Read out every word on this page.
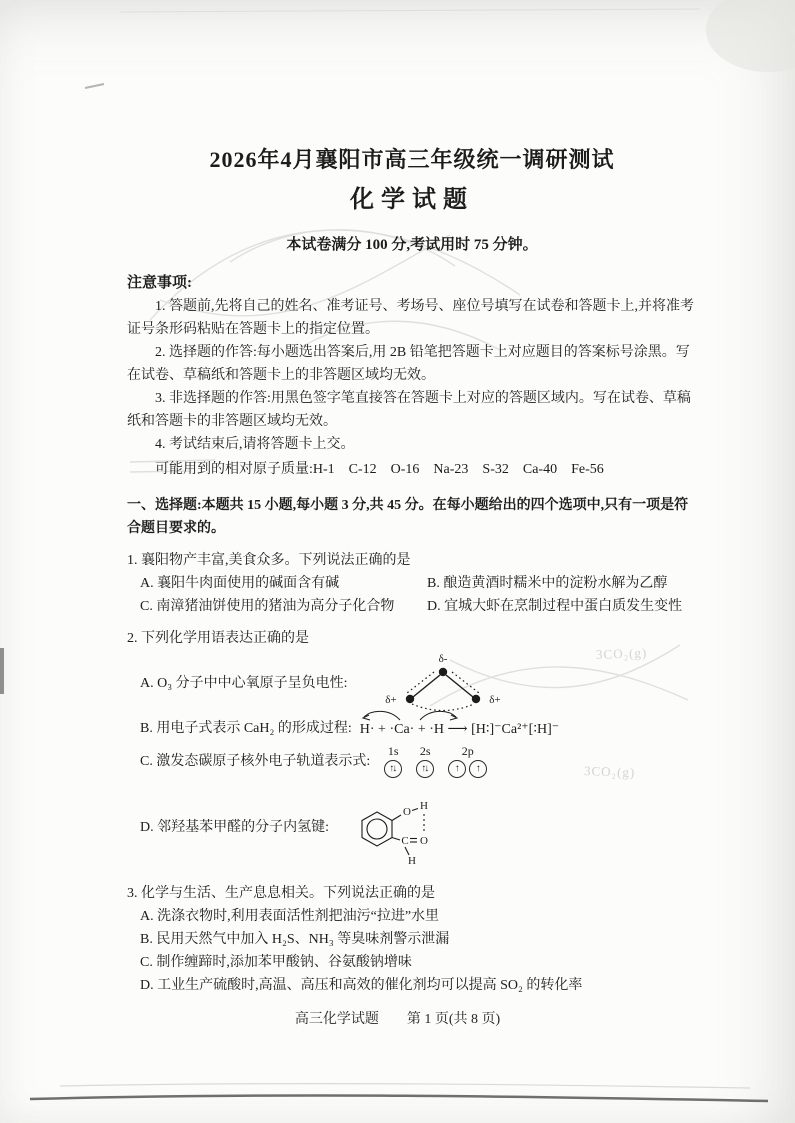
2026年4月襄阳市高三年级统一调研测试
化学试题
本试卷满分 100 分,考试用时 75 分钟。
注意事项:

1. 答题前,先将自己的姓名、准考证号、考场号、座位号填写在试卷和答题卡上,并将准考证号条形码粘贴在答题卡上的指定位置。

2. 选择题的作答:每小题选出答案后,用 2B 铅笔把答题卡上对应题目的答案标号涂黑。写在试卷、草稿纸和答题卡上的非答题区域均无效。

3. 非选择题的作答:用黑色签字笔直接答在答题卡上对应的答题区域内。写在试卷、草稿纸和答题卡的非答题区域均无效。

4. 考试结束后,请将答题卡上交。

可能用到的相对原子质量:H-1　C-12　O-16　Na-23　S-32　Ca-40　Fe-56

一、选择题:本题共 15 小题,每小题 3 分,共 45 分。在每小题给出的四个选项中,只有一项是符合题目要求的。

1. 襄阳物产丰富,美食众多。下列说法正确的是

A. 襄阳牛肉面使用的碱面含有碱	B. 酿造黄酒时糯米中的淀粉水解为乙醇
C. 南漳猪油饼使用的猪油为高分子化合物	D. 宜城大虾在烹制过程中蛋白质发生变性

2. 下列化学用语表达正确的是

A. O₃ 分子中中心氧原子呈负电性:
δ-
δ+	δ+
B. 用电子式表示 CaH₂ 的形成过程: H· + ·Ca· + ·H ⟶ [H∶]⁻Ca²⁺[∶H]⁻
C. 激发态碳原子核外电子轨道表示式:
1s
↑↓
2s
↑↓
2p
↑	↑
D. 邻羟基苯甲醛的分子内氢键:
O H
O
C
H

3. 化学与生活、生产息息相关。下列说法正确的是

A. 洗涤衣物时,利用表面活性剂把油污“拉进”水里

B. 民用天然气中加入 H₂S、NH₃ 等臭味剂警示泄漏

C. 制作缠蹄时,添加苯甲酸钠、谷氨酸钠增味

D. 工业生产硫酸时,高温、高压和高效的催化剂均可以提高 SO₂ 的转化率

高三化学试题　　第 1 页(共 8 页)
3CO₂(g)
3CO₂(g)
